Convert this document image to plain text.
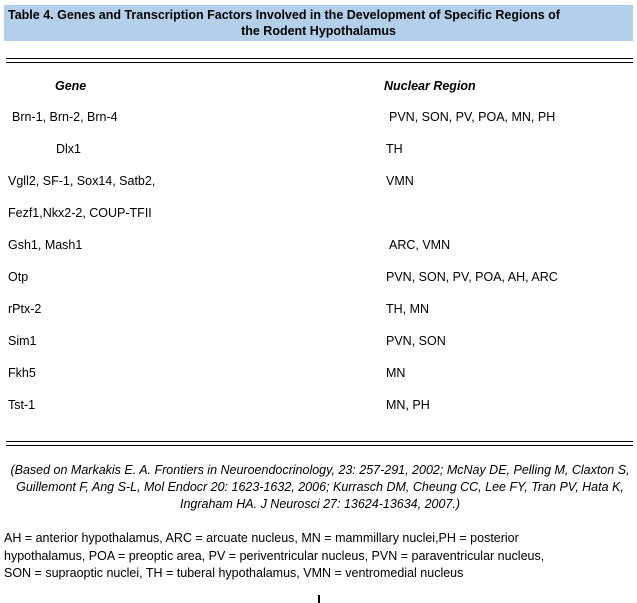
Table 4. Genes and Transcription Factors Involved in the Development of Specific Regions of
the Rodent Hypothalamus
Gene	Nuclear Region
Brn-1, Brn-2, Brn-4	PVN, SON, PV, POA, MN, PH
Dlx1	TH
Vgll2, SF-1, Sox14, Satb2,	VMN
Fezf1,Nkx2-2, COUP-TFII
Gsh1, Mash1	ARC, VMN
Otp	PVN, SON, PV, POA, AH, ARC
rPtx-2	TH, MN
Sim1	PVN, SON
Fkh5	MN
Tst-1	MN, PH
(Based on Markakis E. A. Frontiers in Neuroendocrinology, 23: 257-291, 2002; McNay DE, Pelling M, Claxton S, Guillemont F, Ang S-L, Mol Endocr 20: 1623-1632, 2006; Kurrasch DM, Cheung CC, Lee FY, Tran PV, Hata K, Ingraham HA. J Neurosci 27: 13624-13634, 2007.)
AH = anterior hypothalamus, ARC = arcuate nucleus, MN = mammillary nuclei,PH = posterior hypothalamus, POA = preoptic area, PV = periventricular nucleus, PVN = paraventricular nucleus, SON = supraoptic nuclei, TH = tuberal hypothalamus, VMN = ventromedial nucleus
